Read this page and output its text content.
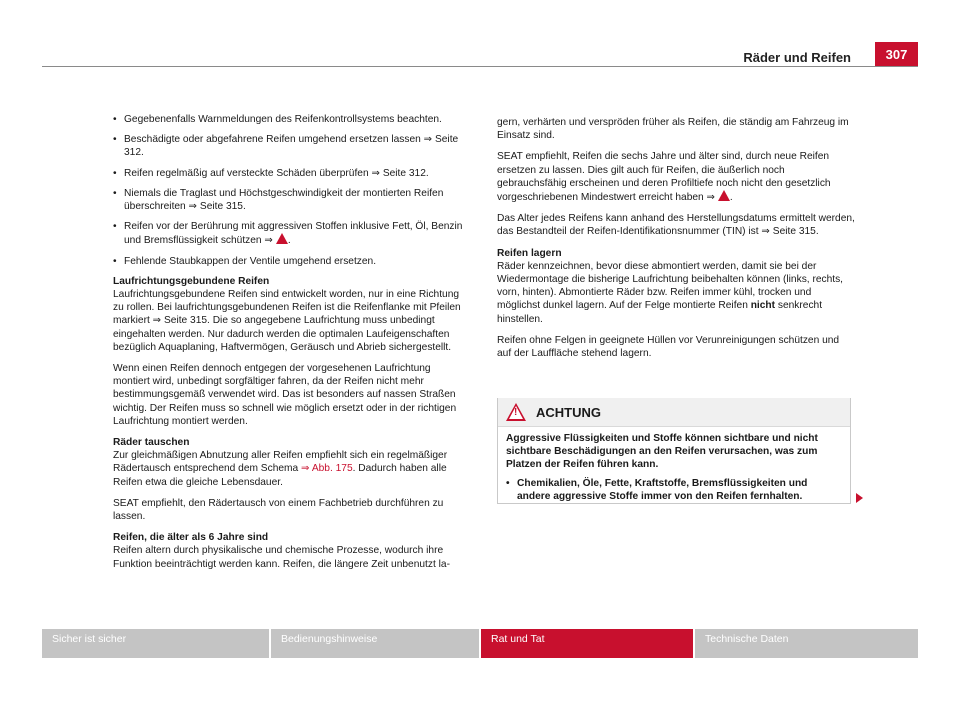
Räder und Reifen	307
• Gegebenenfalls Warnmeldungen des Reifenkontrollsystems beachten.
• Beschädigte oder abgefahrene Reifen umgehend ersetzen lassen ⇒ Seite 312.
• Reifen regelmäßig auf versteckte Schäden überprüfen ⇒ Seite 312.
• Niemals die Traglast und Höchstgeschwindigkeit der montierten Reifen überschreiten ⇒ Seite 315.
• Reifen vor der Berührung mit aggressiven Stoffen inklusive Fett, Öl, Benzin und Bremsflüssigkeit schützen ⇒ .
• Fehlende Staubkappen der Ventile umgehend ersetzen.
Laufrichtungsgebundene Reifen

Laufrichtungsgebundene Reifen sind entwickelt worden, nur in eine Richtung zu rollen. Bei laufrichtungsgebundenen Reifen ist die Reifenflanke mit Pfeilen markiert ⇒ Seite 315. Die so angegebene Laufrichtung muss unbedingt eingehalten werden. Nur dadurch werden die optimalen Laufeigenschaften bezüglich Aquaplaning, Haftvermögen, Geräusch und Abrieb sichergestellt.

Wenn einen Reifen dennoch entgegen der vorgesehenen Laufrichtung montiert wird, unbedingt sorgfältiger fahren, da der Reifen nicht mehr bestimmungsgemäß verwendet wird. Das ist besonders auf nassen Straßen wichtig. Der Reifen muss so schnell wie möglich ersetzt oder in der richtigen Laufrichtung montiert werden.

Räder tauschen

Zur gleichmäßigen Abnutzung aller Reifen empfiehlt sich ein regelmäßiger Rädertausch entsprechend dem Schema ⇒ Abb. 175. Dadurch haben alle Reifen etwa die gleiche Lebensdauer.

SEAT empfiehlt, den Rädertausch von einem Fachbetrieb durchführen zu lassen.

Reifen, die älter als 6 Jahre sind

Reifen altern durch physikalische und chemische Prozesse, wodurch ihre Funktion beeinträchtigt werden kann. Reifen, die längere Zeit unbenutzt la-

gern, verhärten und verspröden früher als Reifen, die ständig am Fahrzeug im Einsatz sind.

SEAT empfiehlt, Reifen die sechs Jahre und älter sind, durch neue Reifen ersetzen zu lassen. Dies gilt auch für Reifen, die äußerlich noch gebrauchsfähig erscheinen und deren Profiltiefe noch nicht den gesetzlich vorgeschriebenen Mindestwert erreicht haben ⇒ .

Das Alter jedes Reifens kann anhand des Herstellungsdatums ermittelt werden, das Bestandteil der Reifen-Identifikationsnummer (TIN) ist ⇒ Seite 315.

Reifen lagern

Räder kennzeichnen, bevor diese abmontiert werden, damit sie bei der Wiedermontage die bisherige Laufrichtung beibehalten können (links, rechts, vorn, hinten). Abmontierte Räder bzw. Reifen immer kühl, trocken und möglichst dunkel lagern. Auf der Felge montierte Reifen nicht senkrecht hinstellen.

Reifen ohne Felgen in geeignete Hüllen vor Verunreinigungen schützen und auf der Lauffläche stehend lagern.

! ACHTUNG

Aggressive Flüssigkeiten und Stoffe können sichtbare und nicht sichtbare Beschädigungen an den Reifen verursachen, was zum Platzen der Reifen führen kann.

• Chemikalien, Öle, Fette, Kraftstoffe, Bremsflüssigkeiten und andere aggressive Stoffe immer von den Reifen fernhalten.
Sicher ist sicher	Bedienungshinweise	Rat und Tat	Technische Daten
